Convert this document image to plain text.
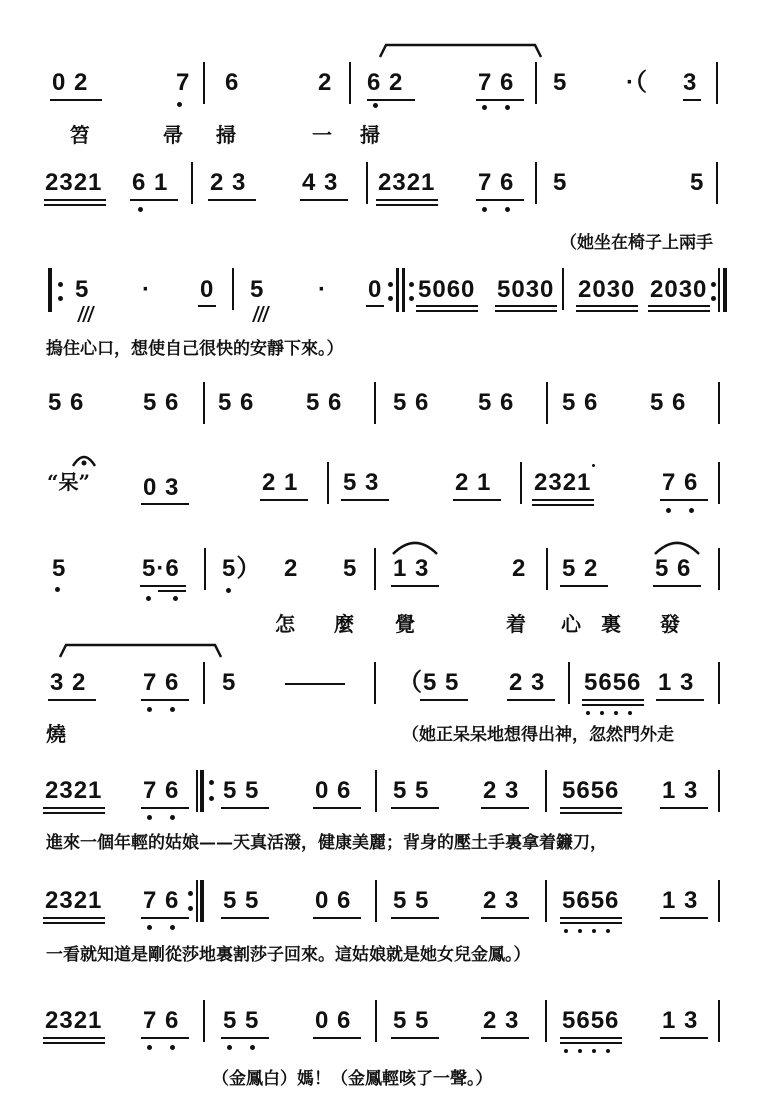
0 2	7 6	2 6 2	7 6 5 ·（ 3
笤	帚 掃	一 掃
2321 6 1 2 3 4 3 2321 7 6 5	5
（她坐在椅子上兩手
5 · 0 5 · 0 5060 5030 2030 2030
摀住心口，想使自己很快的安靜下來。）
5 6 5 6 5 6 5 6 5 6 5 6 5 6 5 6
“呆” 0 3	2 1 5 3	2 1 2321	7 6
5	5·6 5） 2 5 1 3	2 5 2 5 6
怎 麼 覺	着 心 裏 發
3 2 7 6 5	（5 5 2 3 5656 1 3
燒	（她正呆呆地想得出神，忽然門外走
2321 7 6 5 5 0 6 5 5 2 3 5656 1 3
進來一個年輕的姑娘——天真活潑，健康美麗；背身的壓土手裏拿着鐮刀，
2321 7 6 5 5 0 6 5 5 2 3 5656 1 3
一看就知道是剛從莎地裏割莎子回來。這姑娘就是她女兒金鳳。）
2321 7 6 5 5 0 6 5 5 2 3 5656 1 3
（金鳳白）媽！（金鳳輕咳了一聲。）
